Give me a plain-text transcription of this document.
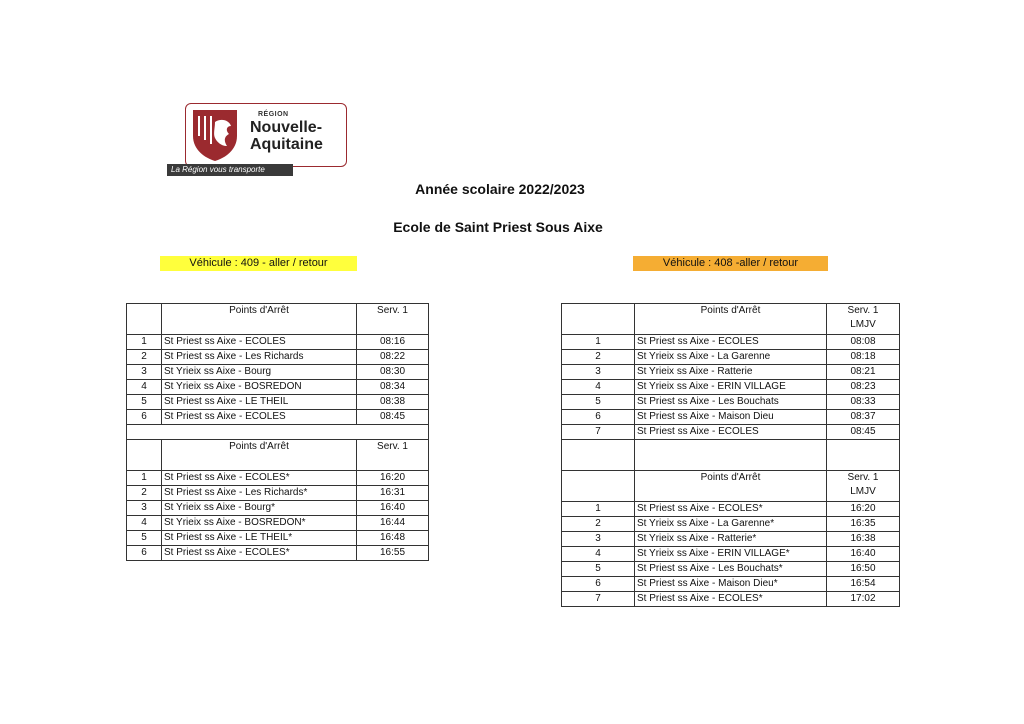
RÉGION
Nouvelle-
Aquitaine
La Région vous transporte
Année scolaire 2022/2023
Ecole de Saint Priest Sous Aixe
Véhicule : 409 - aller / retour	Véhicule : 408 -aller / retour
	Points d'Arrêt	Serv. 1
1	St Priest ss Aixe - ECOLES	08:16
2	St Priest ss Aixe - Les Richards	08:22
3	St Yrieix ss Aixe - Bourg	08:30
4	St Yrieix ss Aixe - BOSREDON	08:34
5	St Priest ss Aixe - LE THEIL	08:38
6	St Priest ss Aixe - ECOLES	08:45

	Points d'Arrêt	Serv. 1
1	St Priest ss Aixe - ECOLES*	16:20
2	St Priest ss Aixe - Les Richards*	16:31
3	St Yrieix ss Aixe - Bourg*	16:40
4	St Yrieix ss Aixe - BOSREDON*	16:44
5	St Priest ss Aixe - LE THEIL*	16:48
6	St Priest ss Aixe - ECOLES*	16:55
	Points d'Arrêt	Serv. 1
LMJV
1	St Priest ss Aixe - ECOLES	08:08
2	St Yrieix ss Aixe - La Garenne	08:18
3	St Yrieix ss Aixe - Ratterie	08:21
4	St Yrieix ss Aixe - ERIN VILLAGE	08:23
5	St Priest ss Aixe - Les Bouchats	08:33
6	St Priest ss Aixe - Maison Dieu	08:37
7	St Priest ss Aixe - ECOLES	08:45

	Points d'Arrêt	Serv. 1
LMJV
1	St Priest ss Aixe - ECOLES*	16:20
2	St Yrieix ss Aixe - La Garenne*	16:35
3	St Yrieix ss Aixe - Ratterie*	16:38
4	St Yrieix ss Aixe - ERIN VILLAGE*	16:40
5	St Priest ss Aixe - Les Bouchats*	16:50
6	St Priest ss Aixe - Maison Dieu*	16:54
7	St Priest ss Aixe - ECOLES*	17:02
